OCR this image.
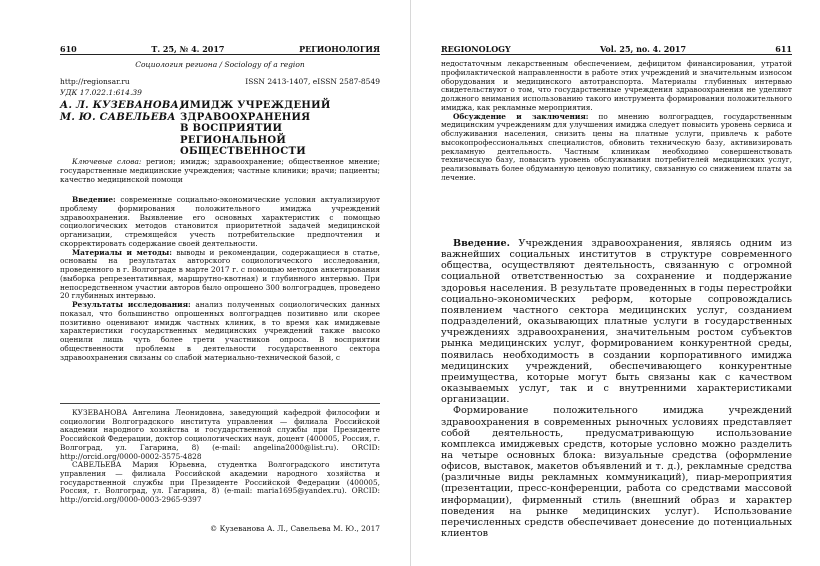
610	Т. 25, № 4. 2017	РЕГИОНОЛОГИЯ
Социология региона / Sociology of a region
http://regionsar.ru	ISSN 2413-1407, eISSN 2587-8549
УДК 17.022.1:614.39
А. Л. КУЗЕВАНОВА,
М. Ю. САВЕЛЬЕВА
ИМИДЖ УЧРЕЖДЕНИЙ
ЗДРАВООХРАНЕНИЯ
В ВОСПРИЯТИИ
РЕГИОНАЛЬНОЙ
ОБЩЕСТВЕННОСТИ

Ключевые слова: регион; имидж; здравоохранение; общественное мнение; государственные медицинские учреждения; частные клиники; врачи; пациенты; качество медицинской помощи

Введение: современные социально-экономические условия актуализируют проблему формирования положительного имиджа учреждений здравоохранения. Выявление его основных характеристик с помощью социологических методов становится приоритетной задачей медицинской организации, стремящейся учесть потребительские предпочтения и скорректировать содержание своей деятельности.

Материалы и методы: выводы и рекомендации, содержащиеся в статье, основаны на результатах авторского социологического исследования, проведенного в г. Волгограде в марте 2017 г. с помощью методов анкетирования (выборка репрезентативная, маршрутно-квотная) и глубинного интервью. При непосредственном участии авторов было опрошено 300 волгоградцев, проведено 20 глубинных интервью.

Результаты исследования: анализ полученных социологических данных показал, что большинство опрошенных волгоградцев позитивно или скорее позитивно оценивают имидж частных клиник, в то время как имиджевые характеристики государственных медицинских учреждений также высоко оценили лишь чуть более трети участников опроса. В восприятии общественности проблемы в деятельности государственного сектора здравоохранения связаны со слабой материально-технической базой, с

КУЗЕВАНОВА Ангелина Леонидовна, заведующий кафедрой философии и социологии Волгоградского института управления — филиала Российской академии народного хозяйства и государственной службы при Президенте Российской Федерации, доктор социологических наук, доцент (400005, Россия, г. Волгоград, ул. Гагарина, 8) (e-mail: angelina2000@list.ru). ORCID: http://orcid.org/0000-0002-3575-4828

САВЕЛЬЕВА Мария Юрьевна, студентка Волгоградского института управления — филиала Российской академии народного хозяйства и государственной службы при Президенте Российской Федерации (400005, Россия, г. Волгоград, ул. Гагарина, 8) (e-mail: maria1695@yandex.ru). ORCID: http://orcid.org/0000-0003-2965-9397

© Кузеванова А. Л., Савельева М. Ю., 2017
REGIONOLOGY	Vol. 25, no. 4. 2017	611

недостаточным лекарственным обеспечением, дефицитом финансирования, утратой профилактической направленности в работе этих учреждений и значительным износом оборудования и медицинского автотранспорта. Материалы глубинных интервью свидетельствуют о том, что государственные учреждения здравоохранения не уделяют должного внимания использованию такого инструмента формирования положительного имиджа, как рекламные мероприятия.

Обсуждение и заключения: по мнению волгоградцев, государственным медицинским учреждениям для улучшения имиджа следует повысить уровень сервиса и обслуживания населения, снизить цены на платные услуги, привлечь к работе высокопрофессиональных специалистов, обновить техническую базу, активизировать рекламную деятельность. Частным клиникам необходимо совершенствовать техническую базу, повысить уровень обслуживания потребителей медицинских услуг, реализовывать более обдуманную ценовую политику, связанную со снижением платы за лечение.

Введение. Учреждения здравоохранения, являясь одним из важнейших социальных институтов в структуре современного общества, осуществляют деятельность, связанную с огромной социальной ответственностью за сохранение и поддержание здоровья населения. В результате проведенных в годы перестройки социально-экономических реформ, которые сопровождались появлением частного сектора медицинских услуг, созданием подразделений, оказывающих платные услуги в государственных учреждениях здравоохранения, значительным ростом субъектов рынка медицинских услуг, формированием конкурентной среды, появилась необходимость в создании корпоративного имиджа медицинских учреждений, обеспечивающего конкурентные преимущества, которые могут быть связаны как с качеством оказываемых услуг, так и с внутренними характеристиками организации.

Формирование положительного имиджа учреждений здравоохранения в современных рыночных условиях представляет собой деятельность, предусматривающую использование комплекса имиджевых средств, которые условно можно разделить на четыре основных блока: визуальные средства (оформление офисов, выставок, макетов объявлений и т. д.), рекламные средства (различные виды рекламных коммуникаций), пиар-мероприятия (презентации, пресс-конференции, работа со средствами массовой информации), фирменный стиль (внешний образ и характер поведения на рынке медицинских услуг). Использование перечисленных средств обеспечивает донесение до потенциальных клиентов
